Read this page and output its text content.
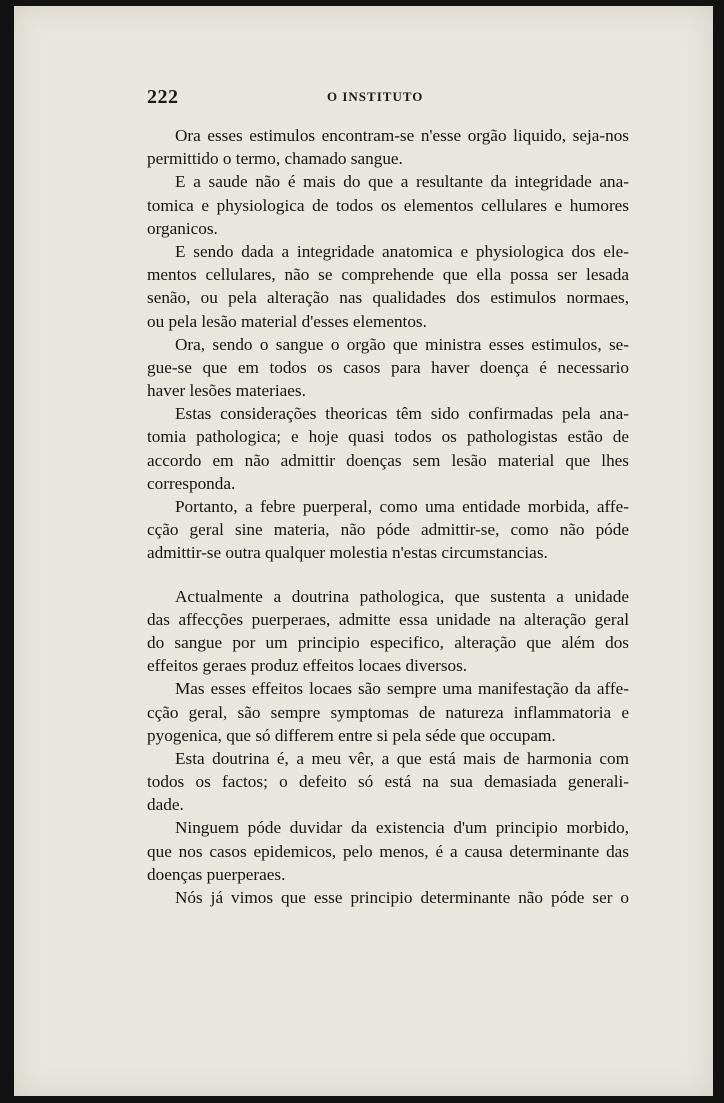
222	O INSTITUTO
Ora esses estimulos encontram-se n'esse orgão liquido, seja-nos
permittido o termo, chamado sangue.
E a saude não é mais do que a resultante da integridade ana-
tomica e physiologica de todos os elementos cellulares e humores
organicos.
E sendo dada a integridade anatomica e physiologica dos ele-
mentos cellulares, não se comprehende que ella possa ser lesada
senão, ou pela alteração nas qualidades dos estimulos normaes,
ou pela lesão material d'esses elementos.
Ora, sendo o sangue o orgão que ministra esses estimulos, se-
gue-se que em todos os casos para haver doença é necessario
haver lesões materiaes.
Estas considerações theoricas têm sido confirmadas pela ana-
tomia pathologica; e hoje quasi todos os pathologistas estão de
accordo em não admittir doenças sem lesão material que lhes
corresponda.
Portanto, a febre puerperal, como uma entidade morbida, affe-
cção geral sine materia, não póde admittir-se, como não póde
admittir-se outra qualquer molestia n'estas circumstancias.
Actualmente a doutrina pathologica, que sustenta a unidade
das affecções puerperaes, admitte essa unidade na alteração geral
do sangue por um principio especifico, alteração que além dos
effeitos geraes produz effeitos locaes diversos.
Mas esses effeitos locaes são sempre uma manifestação da affe-
cção geral, são sempre symptomas de natureza inflammatoria e
pyogenica, que só differem entre si pela séde que occupam.
Esta doutrina é, a meu vêr, a que está mais de harmonia com
todos os factos; o defeito só está na sua demasiada generali-
dade.
Ninguem póde duvidar da existencia d'um principio morbido,
que nos casos epidemicos, pelo menos, é a causa determinante das
doenças puerperaes.
Nós já vimos que esse principio determinante não póde ser o
